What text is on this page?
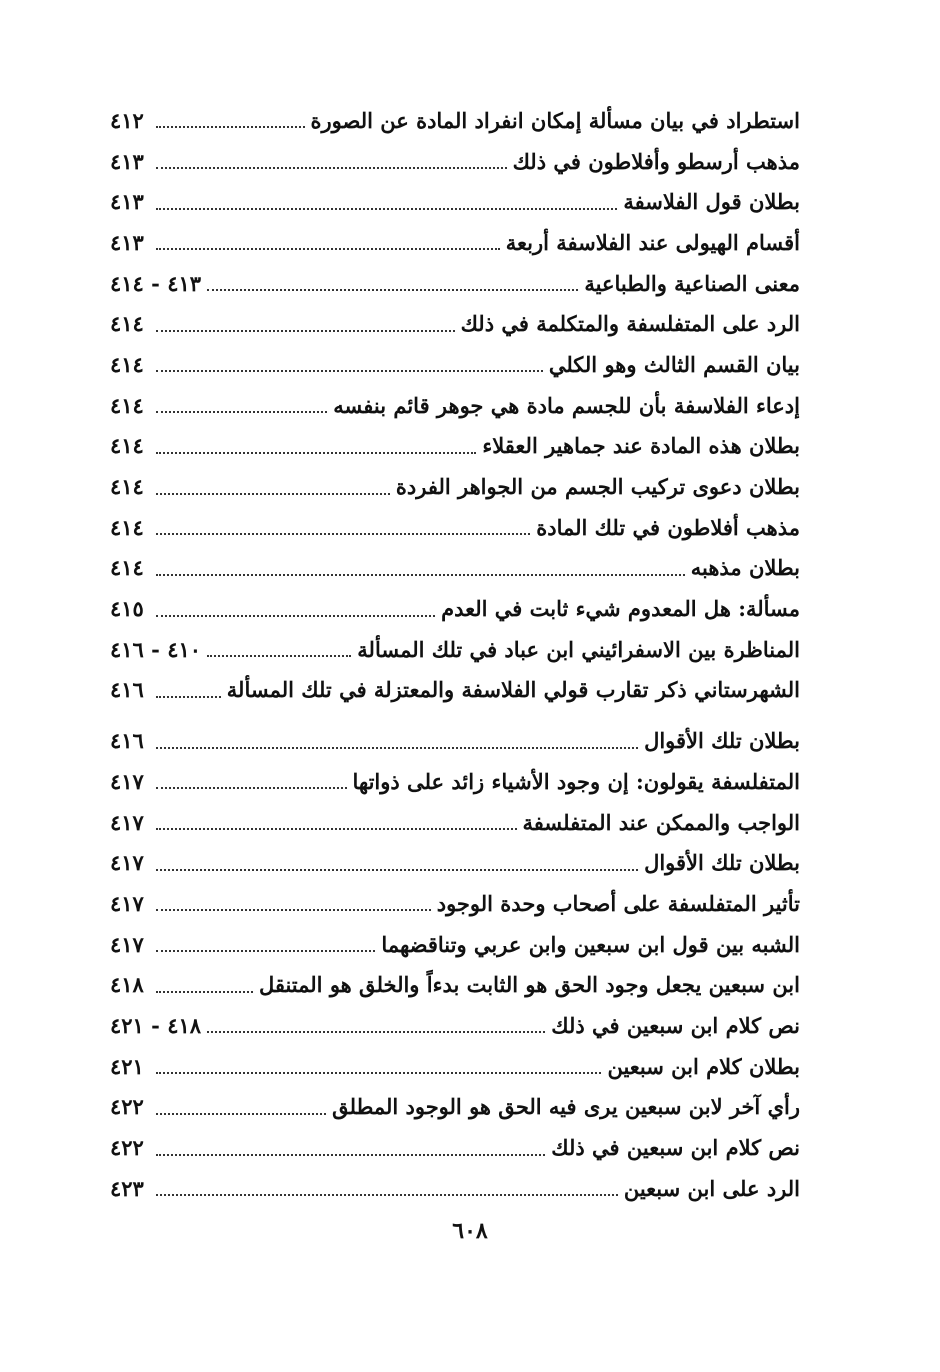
استطراد في بيان مسألة إمكان انفراد المادة عن الصورة
٤١٢
مذهب أرسطو وأفلاطون في ذلك
٤١٣
بطلان قول الفلاسفة
٤١٣
أقسام الهيولى عند الفلاسفة أربعة
٤١٣
معنى الصناعية والطباعية
٤١٣ - ٤١٤
الرد على المتفلسفة والمتكلمة في ذلك
٤١٤
بيان القسم الثالث وهو الكلي
٤١٤
إدعاء الفلاسفة بأن للجسم مادة هي جوهر قائم بنفسه
٤١٤
بطلان هذه المادة عند جماهير العقلاء
٤١٤
بطلان دعوى تركيب الجسم من الجواهر الفردة
٤١٤
مذهب أفلاطون في تلك المادة
٤١٤
بطلان مذهبه
٤١٤
مسألة: هل المعدوم شيء ثابت في العدم
٤١٥
المناظرة بين الاسفرائيني ابن عباد في تلك المسألة
٤١٠ - ٤١٦
الشهرستاني ذكر تقارب قولي الفلاسفة والمعتزلة في تلك المسألة
٤١٦
بطلان تلك الأقوال
٤١٦
المتفلسفة يقولون: إن وجود الأشياء زائد على ذواتها
٤١٧
الواجب والممكن عند المتفلسفة
٤١٧
بطلان تلك الأقوال
٤١٧
تأثير المتفلسفة على أصحاب وحدة الوجود
٤١٧
الشبه بين قول ابن سبعين وابن عربي وتناقضهما
٤١٧
ابن سبعين يجعل وجود الحق هو الثابت بدءاً والخلق هو المتنقل
٤١٨
نص كلام ابن سبعين في ذلك
٤١٨ - ٤٢١
بطلان كلام ابن سبعين
٤٢١
رأي آخر لابن سبعين يرى فيه الحق هو الوجود المطلق
٤٢٢
نص كلام ابن سبعين في ذلك
٤٢٢
الرد على ابن سبعين
٤٢٣
٦٠٨
